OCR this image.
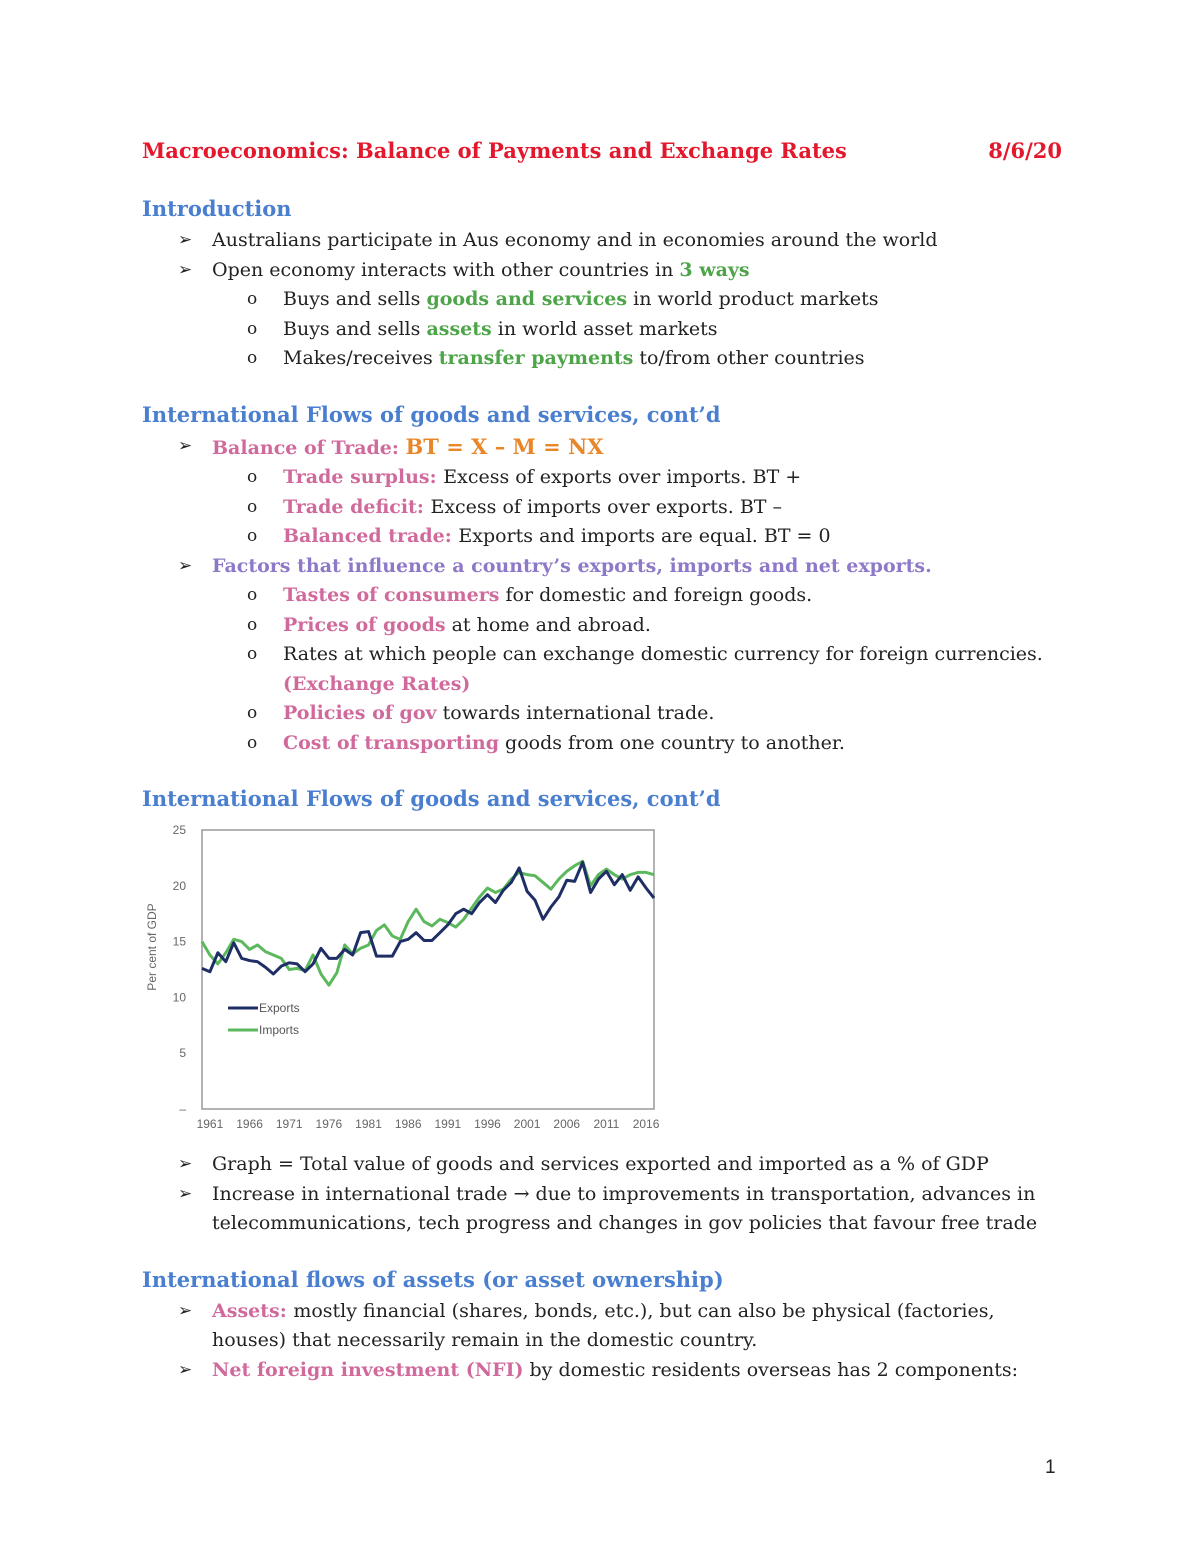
Macroeconomics: Balance of Payments and Exchange Rates	8/6/20
Introduction
➢ Australians participate in Aus economy and in economies around the world
➢ Open economy interacts with other countries in 3 ways
o Buys and sells goods and services in world product markets
o Buys and sells assets in world asset markets
o Makes/receives transfer payments to/from other countries
International Flows of goods and services, cont’d
➢ Balance of Trade: BT = X – M = NX
o Trade surplus: Excess of exports over imports. BT +
o Trade deficit: Excess of imports over exports. BT –
o Balanced trade: Exports and imports are equal. BT = 0
➢ Factors that influence a country’s exports, imports and net exports.
o Tastes of consumers for domestic and foreign goods.
o Prices of goods at home and abroad.
o Rates at which people can exchange domestic currency for foreign currencies.
(Exchange Rates)
o Policies of gov towards international trade.
o Cost of transporting goods from one country to another.
International Flows of goods and services, cont’d
Per cent of GDP
25
20
15
10
5
–
1961 1966 1971 1976 1981 1986 1991 1996 2001 2006 2011 2016
Exports
Imports
➢ Graph = Total value of goods and services exported and imported as a % of GDP
➢ Increase in international trade → due to improvements in transportation, advances in telecommunications, tech progress and changes in gov policies that favour free trade
International flows of assets (or asset ownership)
➢ Assets: mostly financial (shares, bonds, etc.), but can also be physical (factories, houses) that necessarily remain in the domestic country.
➢ Net foreign investment (NFI) by domestic residents overseas has 2 components:
1
